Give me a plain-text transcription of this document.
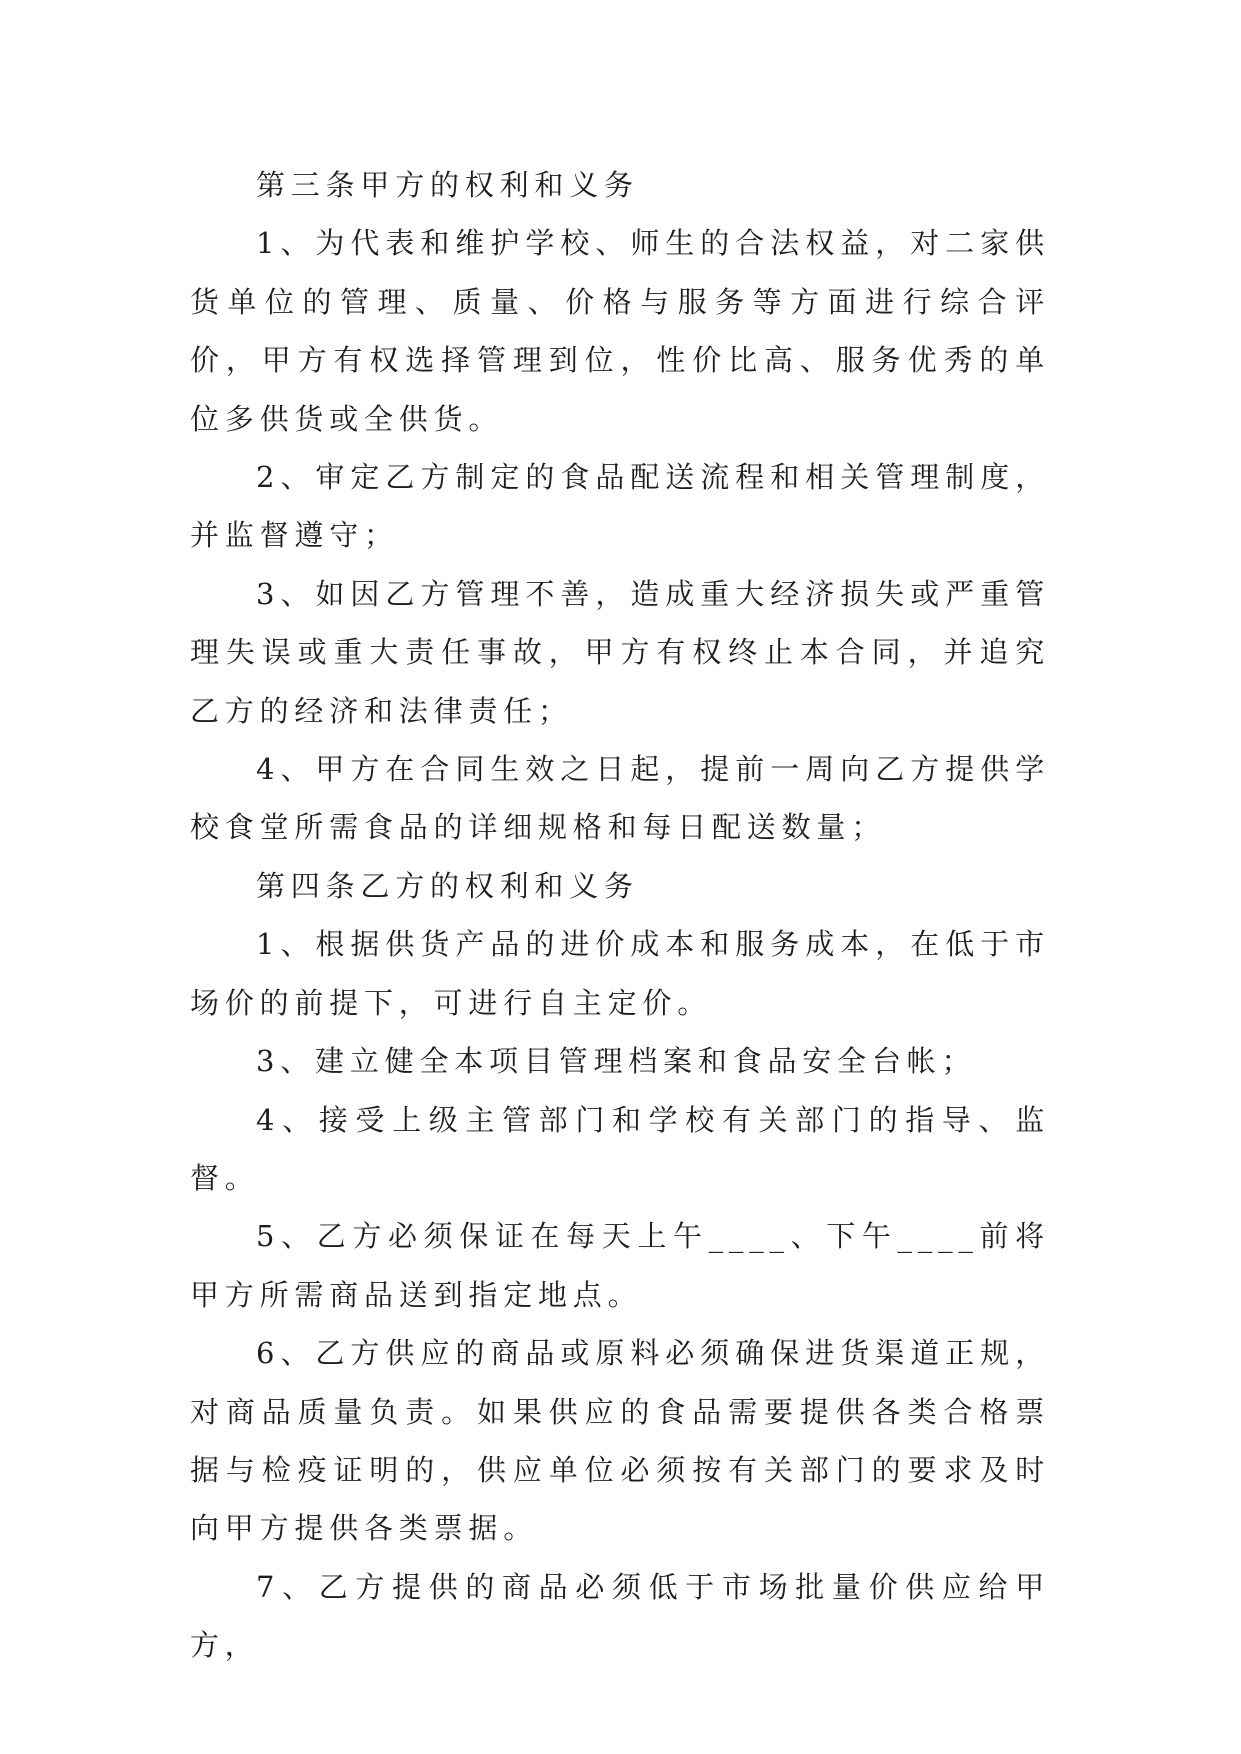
第三条甲方的权利和义务

1、为代表和维护学校、师生的合法权益，对二家供货单位的管理、质量、价格与服务等方面进行综合评价，甲方有权选择管理到位，性价比高、服务优秀的单位多供货或全供货。

2、审定乙方制定的食品配送流程和相关管理制度，并监督遵守；

3、如因乙方管理不善，造成重大经济损失或严重管理失误或重大责任事故，甲方有权终止本合同，并追究乙方的经济和法律责任；

4、甲方在合同生效之日起，提前一周向乙方提供学校食堂所需食品的详细规格和每日配送数量；

第四条乙方的权利和义务

1、根据供货产品的进价成本和服务成本，在低于市场价的前提下，可进行自主定价。

3、建立健全本项目管理档案和食品安全台帐；

4、接受上级主管部门和学校有关部门的指导、监督。

5、乙方必须保证在每天上午____、下午____前将甲方所需商品送到指定地点。

6、乙方供应的商品或原料必须确保进货渠道正规，对商品质量负责。如果供应的食品需要提供各类合格票据与检疫证明的，供应单位必须按有关部门的要求及时向甲方提供各类票据。

7、乙方提供的商品必须低于市场批量价供应给甲方，
